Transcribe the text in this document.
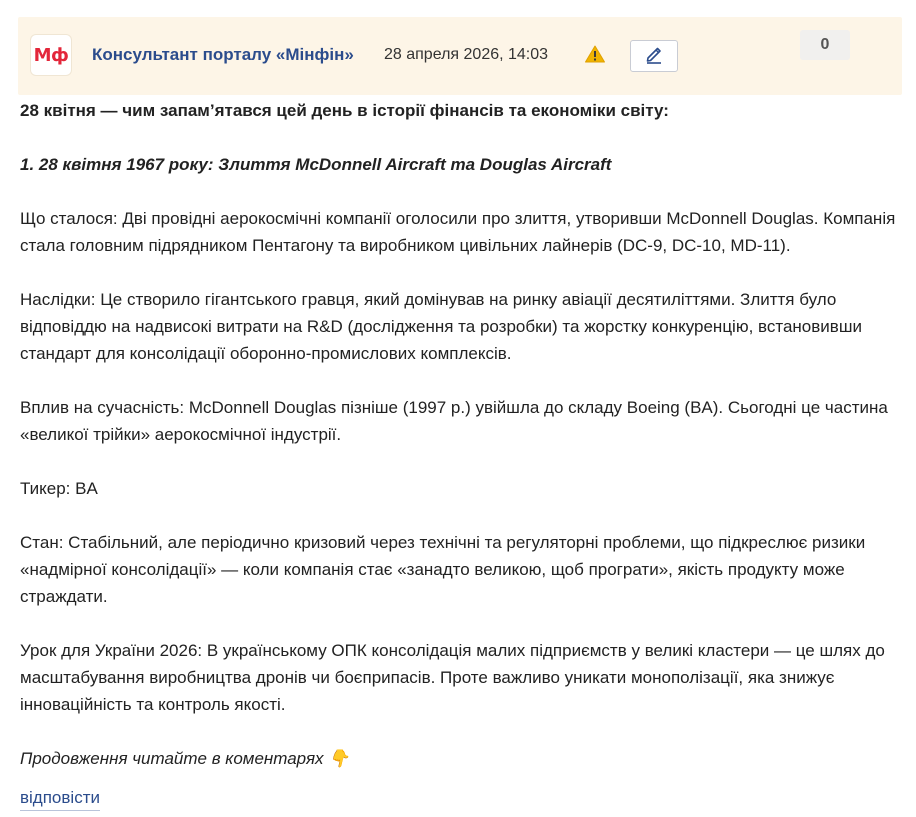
Мф Консультант порталу «Мінфін» 28 апреля 2026, 14:03
0

28 квітня — чим запам’ятався цей день в історії фінансів та економіки світу:

1. 28 квітня 1967 року: Злиття McDonnell Aircraft та Douglas Aircraft

Що сталося: Дві провідні аерокосмічні компанії оголосили про злиття, утворивши McDonnell Douglas. Компанія стала головним підрядником Пентагону та виробником цивільних лайнерів (DC-9, DC-10, MD-11).

Наслідки: Це створило гігантського гравця, який домінував на ринку авіації десятиліттями. Злиття було відповіддю на надвисокі витрати на R&D (дослідження та розробки) та жорстку конкуренцію, встановивши стандарт для консолідації оборонно-промислових комплексів.

Вплив на сучасність: McDonnell Douglas пізніше (1997 р.) увійшла до складу Boeing (BA). Сьогодні це частина «великої трійки» аерокосмічної індустрії.

Тикер: BA

Стан: Стабільний, але періодично кризовий через технічні та регуляторні проблеми, що підкреслює ризики «надмірної консолідації» — коли компанія стає «занадто великою, щоб програти», якість продукту може страждати.

Урок для України 2026: В українському ОПК консолідація малих підприємств у великі кластери — це шлях до масштабування виробництва дронів чи боєприпасів. Проте важливо уникати монополізації, яка знижує інноваційність та контроль якості.

Продовження читайте в коментарях 👇

відповісти
